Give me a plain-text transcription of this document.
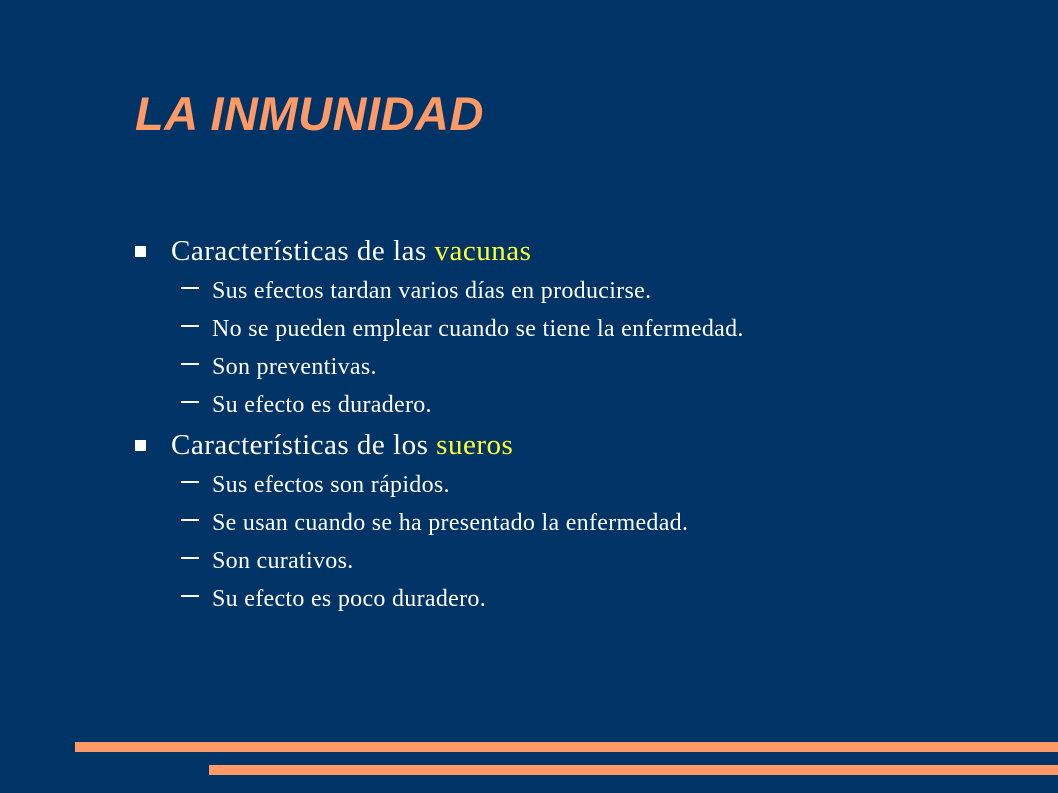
LA INMUNIDAD
Características de las vacunas
Sus efectos tardan varios días en producirse.
No se pueden emplear cuando se tiene la enfermedad.
Son preventivas.
Su efecto es duradero.
Características de los sueros
Sus efectos son rápidos.
Se usan cuando se ha presentado la enfermedad.
Son curativos.
Su efecto es poco duradero.
